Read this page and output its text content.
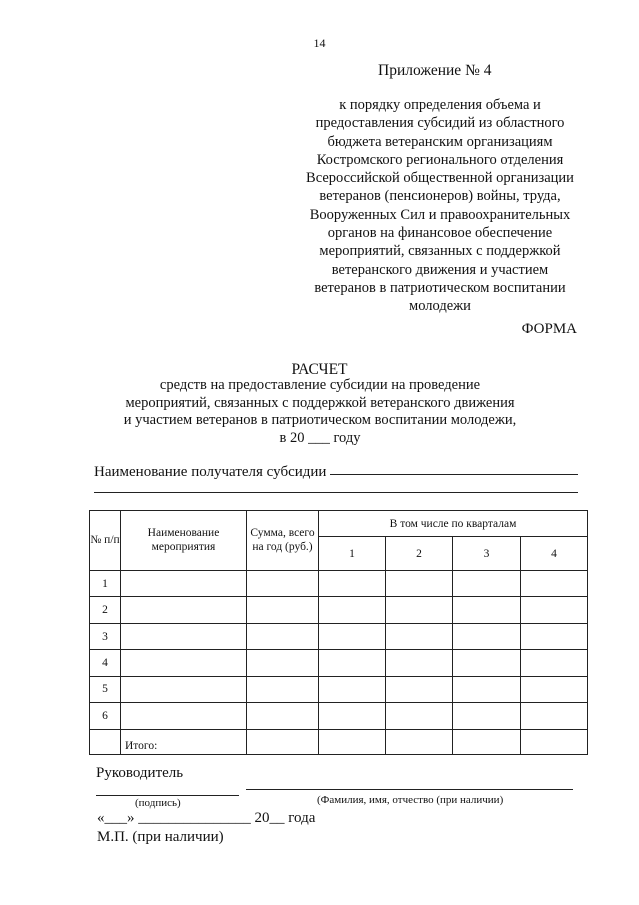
14
Приложение № 4
к порядку определения объема и
предоставления субсидий из областного
бюджета ветеранским организациям
Костромского регионального отделения
Всероссийской общественной организации
ветеранов (пенсионеров) войны, труда,
Вооруженных Сил и правоохранительных
органов на финансовое обеспечение
мероприятий, связанных с поддержкой
ветеранского движения и участием
ветеранов в патриотическом воспитании
молодежи
ФОРМА
РАСЧЕТ
средств на предоставление субсидии на проведение
мероприятий, связанных с поддержкой ветеранского движения
и участием ветеранов в патриотическом воспитании молодежи,
в 20 ___ году
Наименование получателя субсидии
№ п/п	Наименование мероприятия	Сумма, всего на год (руб.)	В том числе по кварталам			
			1	2	3	4
1						
2						
3						
4						
5						
6						
	Итого:					
Руководитель
(подпись)	(Фамилия, имя, отчество (при наличии)
«___» _______________ 20__ года
М.П. (при наличии)
